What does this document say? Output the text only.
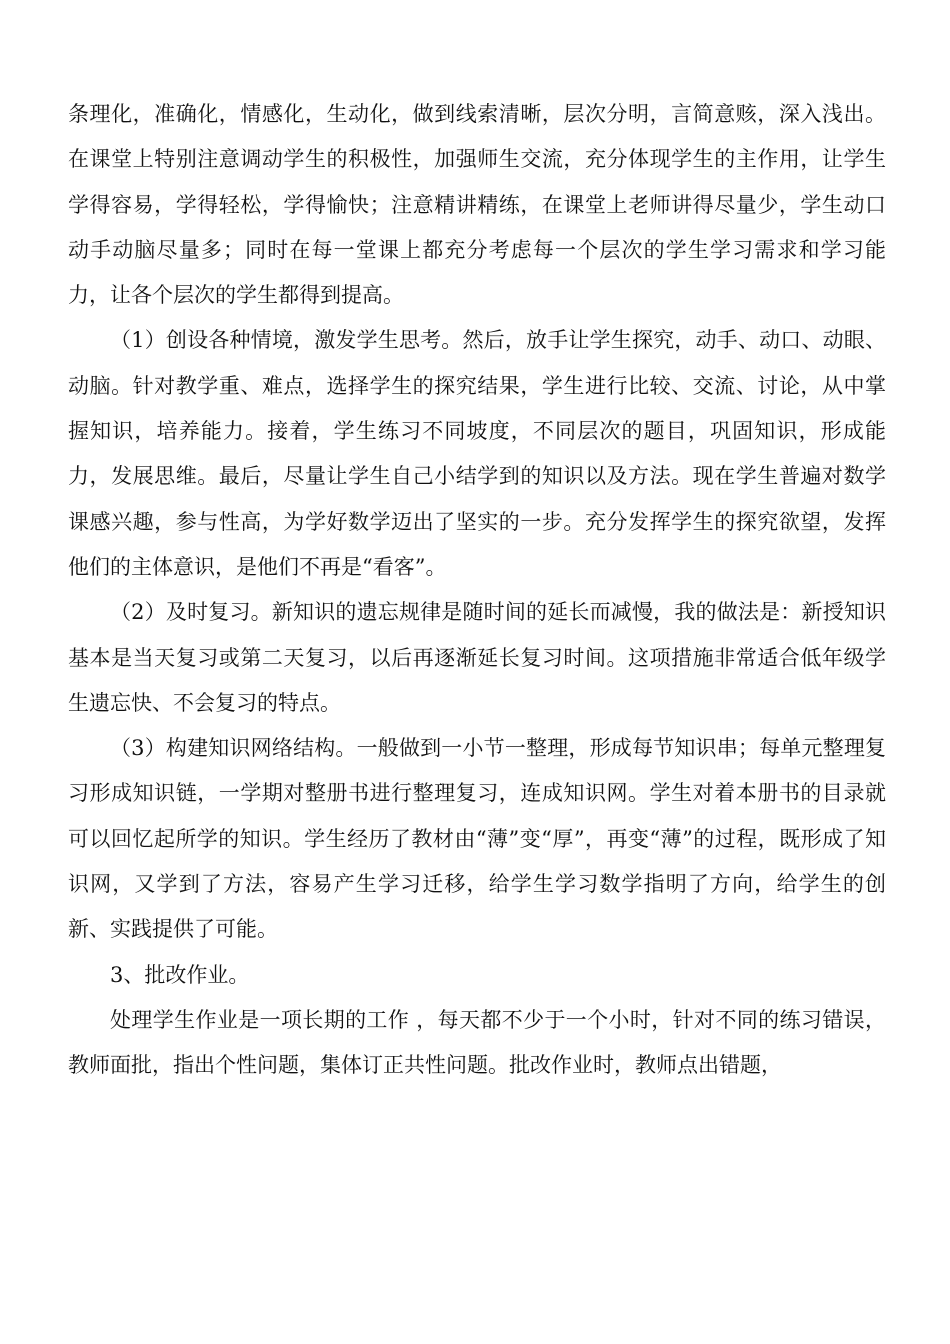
条理化，准确化，情感化，生动化，做到线索清晰，层次分明，言简意赅，深入浅出。在课堂上特别注意调动学生的积极性，加强师生交流，充分体现学生的主作用，让学生学得容易，学得轻松，学得愉快；注意精讲精练，在课堂上老师讲得尽量少，学生动口动手动脑尽量多；同时在每一堂课上都充分考虑每一个层次的学生学习需求和学习能力，让各个层次的学生都得到提高。

（1）创设各种情境，激发学生思考。然后，放手让学生探究，动手、动口、动眼、动脑。针对教学重、难点，选择学生的探究结果，学生进行比较、交流、讨论，从中掌握知识，培养能力。接着，学生练习不同坡度，不同层次的题目，巩固知识，形成能力，发展思维。最后，尽量让学生自己小结学到的知识以及方法。现在学生普遍对数学课感兴趣，参与性高，为学好数学迈出了坚实的一步。充分发挥学生的探究欲望，发挥他们的主体意识，是他们不再是“看客”。

（2）及时复习。新知识的遗忘规律是随时间的延长而减慢，我的做法是：新授知识基本是当天复习或第二天复习，以后再逐渐延长复习时间。这项措施非常适合低年级学生遗忘快、不会复习的特点。

（3）构建知识网络结构。一般做到一小节一整理，形成每节知识串；每单元整理复习形成知识链，一学期对整册书进行整理复习，连成知识网。学生对着本册书的目录就可以回忆起所学的知识。学生经历了教材由“薄”变“厚”，再变“薄”的过程，既形成了知识网，又学到了方法，容易产生学习迁移，给学生学习数学指明了方向，给学生的创新、实践提供了可能。

3、批改作业。

处理学生作业是一项长期的工作 ，每天都不少于一个小时，针对不同的练习错误，教师面批，指出个性问题，集体订正共性问题。批改作业时，教师点出错题，
